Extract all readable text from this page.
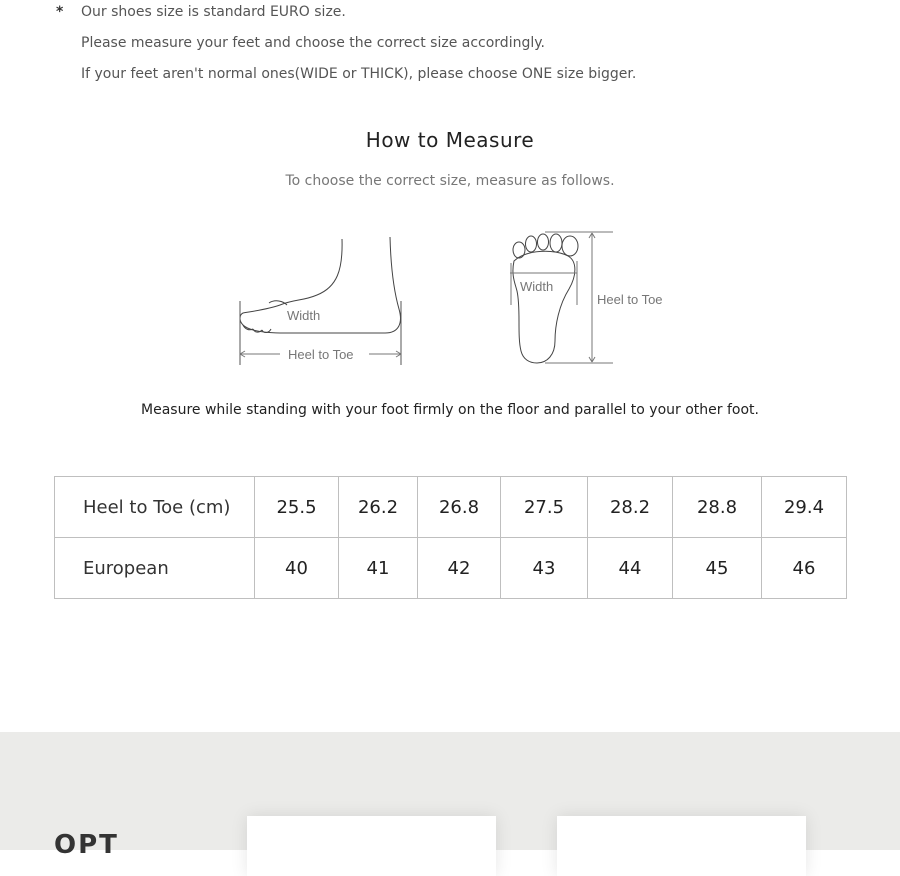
* Our shoes size is standard EURO size.
Please measure your feet and choose the correct size accordingly.
If your feet aren't normal ones(WIDE or THICK), please choose ONE size bigger.
How to Measure
To choose the correct size, measure as follows.
Width
Heel to Toe
Width
Heel to Toe
Measure while standing with your foot firmly on the floor and parallel to your other foot.
Heel to Toe (cm)	25.5	26.2	26.8	27.5	28.2	28.8	29.4
European	40	41	42	43	44	45	46
OPT
